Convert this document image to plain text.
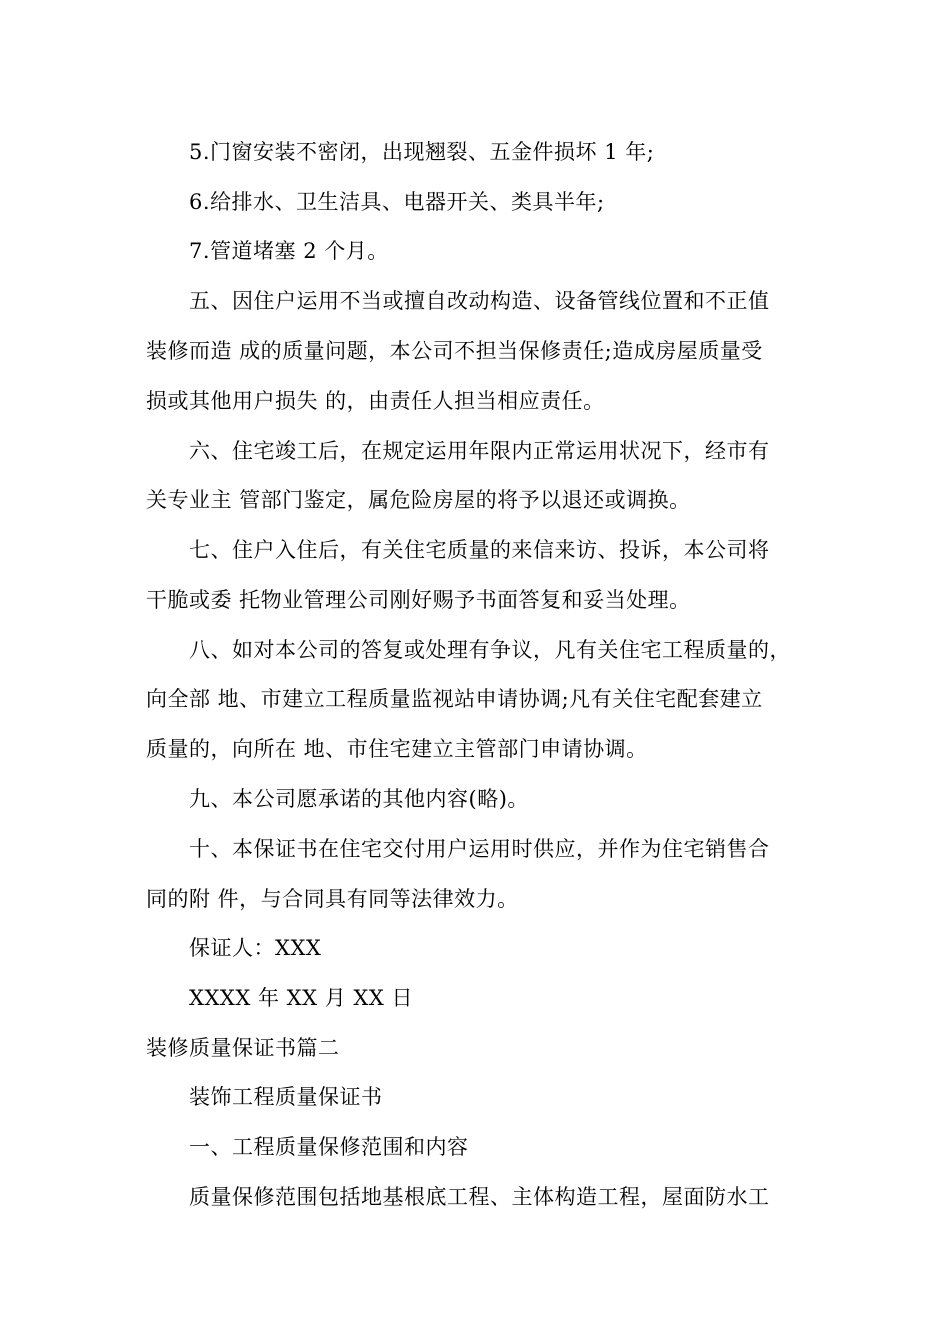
5.门窗安装不密闭，出现翘裂、五金件损坏 1 年;
6.给排水、卫生洁具、电器开关、类具半年;
7.管道堵塞 2 个月。
五、因住户运用不当或擅自改动构造、设备管线位置和不正值
装修而造 成的质量问题，本公司不担当保修责任;造成房屋质量受
损或其他用户损失 的，由责任人担当相应责任。
六、住宅竣工后，在规定运用年限内正常运用状况下，经市有
关专业主 管部门鉴定，属危险房屋的将予以退还或调换。
七、住户入住后，有关住宅质量的来信来访、投诉，本公司将
干脆或委 托物业管理公司刚好赐予书面答复和妥当处理。
八、如对本公司的答复或处理有争议，凡有关住宅工程质量的，
向全部 地、市建立工程质量监视站申请协调;凡有关住宅配套建立
质量的，向所在 地、市住宅建立主管部门申请协调。
九、本公司愿承诺的其他内容(略)。
十、本保证书在住宅交付用户运用时供应，并作为住宅销售合
同的附 件，与合同具有同等法律效力。
保证人：XXX
XXXX 年 XX 月 XX 日
装修质量保证书篇二
装饰工程质量保证书
一、工程质量保修范围和内容
质量保修范围包括地基根底工程、主体构造工程，屋面防水工
